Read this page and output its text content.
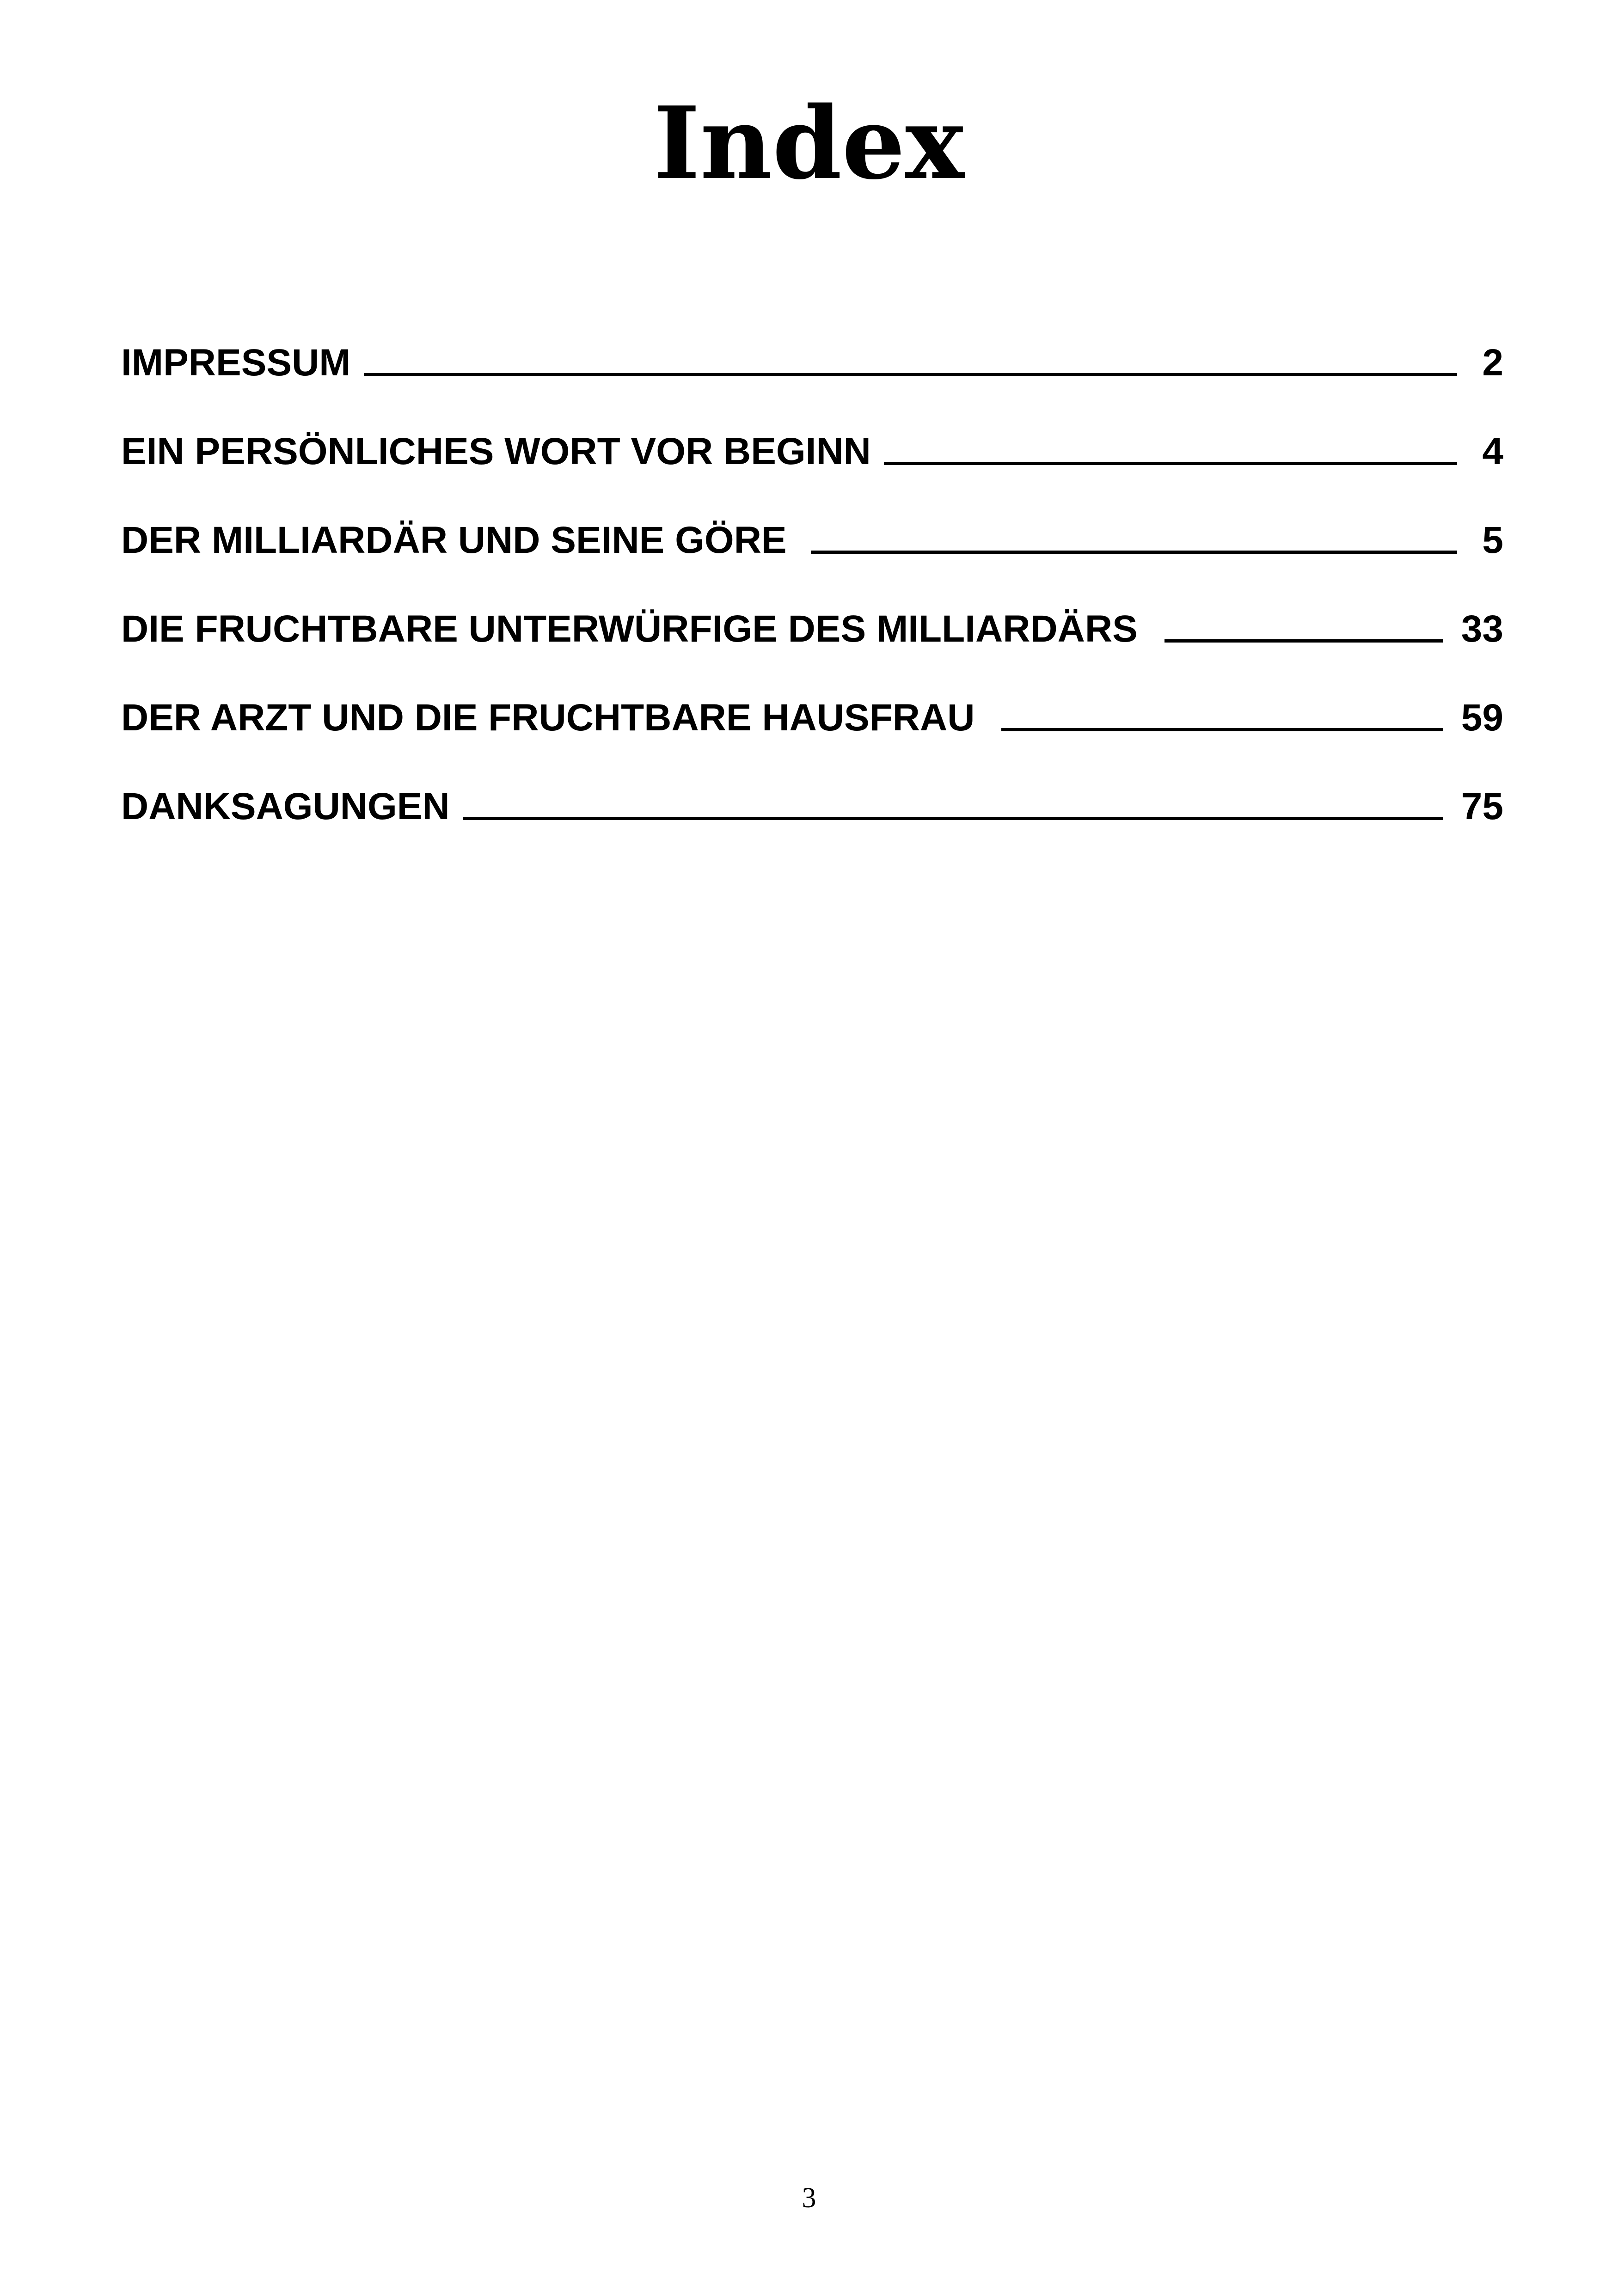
Index
IMPRESSUM	2
EIN PERSÖNLICHES WORT VOR BEGINN	4
DER MILLIARDÄR UND SEINE GÖRE	5
DIE FRUCHTBARE UNTERWÜRFIGE DES MILLIARDÄRS	33
DER ARZT UND DIE FRUCHTBARE HAUSFRAU	59
DANKSAGUNGEN	75
3
